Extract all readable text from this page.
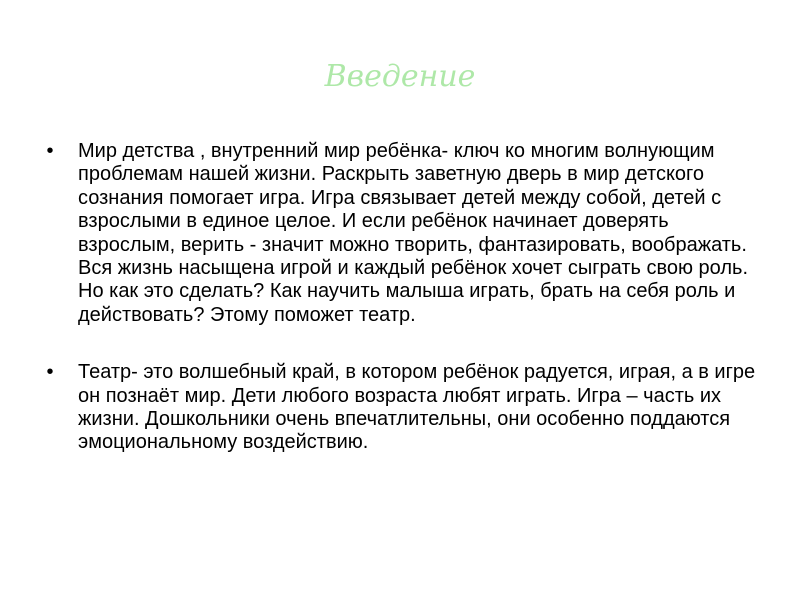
Введение
• Мир детства , внутренний мир ребёнка- ключ ко многим волнующим проблемам нашей жизни. Раскрыть заветную дверь в мир детского сознания помогает игра. Игра связывает детей между собой, детей с взрослыми в единое целое. И если ребёнок начинает доверять взрослым, верить - значит можно творить, фантазировать, воображать. Вся жизнь насыщена игрой и каждый ребёнок хочет сыграть свою роль. Но как это сделать? Как научить малыша играть, брать на себя роль и действовать? Этому поможет театр.
• Театр- это волшебный край, в котором ребёнок радуется, играя, а в игре он познаёт мир. Дети любого возраста любят играть. Игра – часть их жизни. Дошкольники очень впечатлительны, они особенно поддаются эмоциональному воздействию.
